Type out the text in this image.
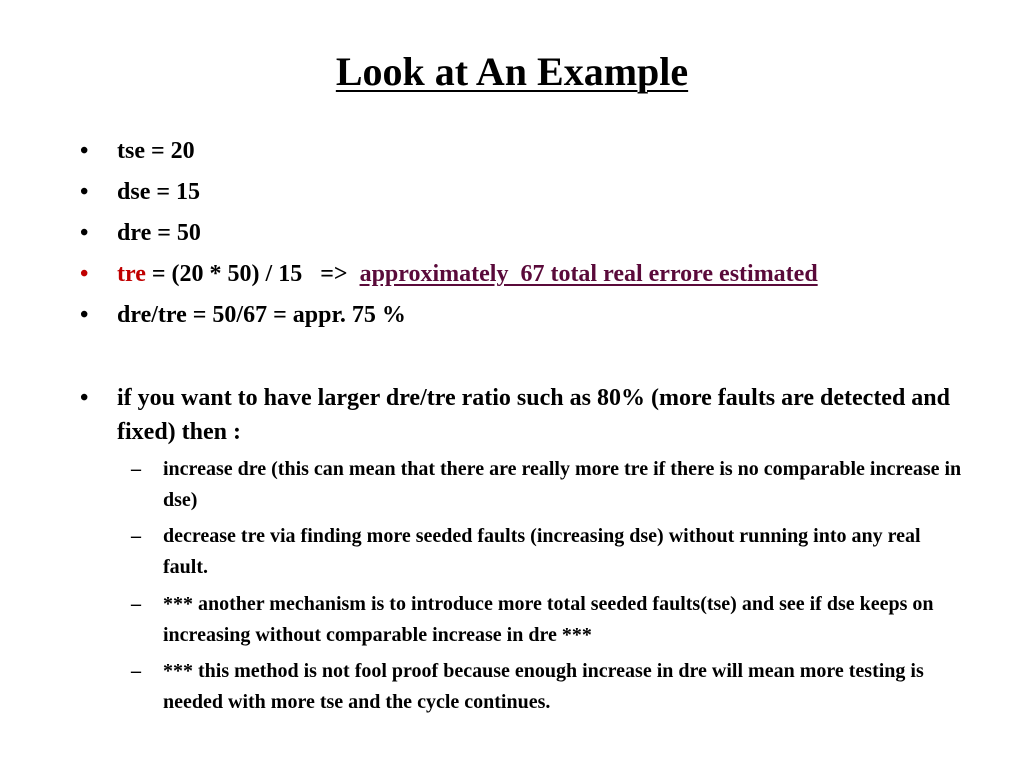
Look at An Example
• tse = 20
• dse = 15
• dre = 50
• tre = (20 * 50) / 15   =>  approximately  67 total real errore estimated
• dre/tre = 50/67 = appr. 75 %
• if you want to have larger dre/tre ratio such as 80% (more faults are detected and fixed) then :
– increase dre (this can mean that there are really more tre if there is no comparable increase in dse)
– decrease tre via finding more seeded faults (increasing dse) without running into any real fault.
– *** another mechanism is to introduce more total seeded faults(tse) and see if dse keeps on increasing without comparable increase in dre ***
– *** this method is not fool proof because enough increase in dre will mean more testing is needed with more tse and the cycle continues.
